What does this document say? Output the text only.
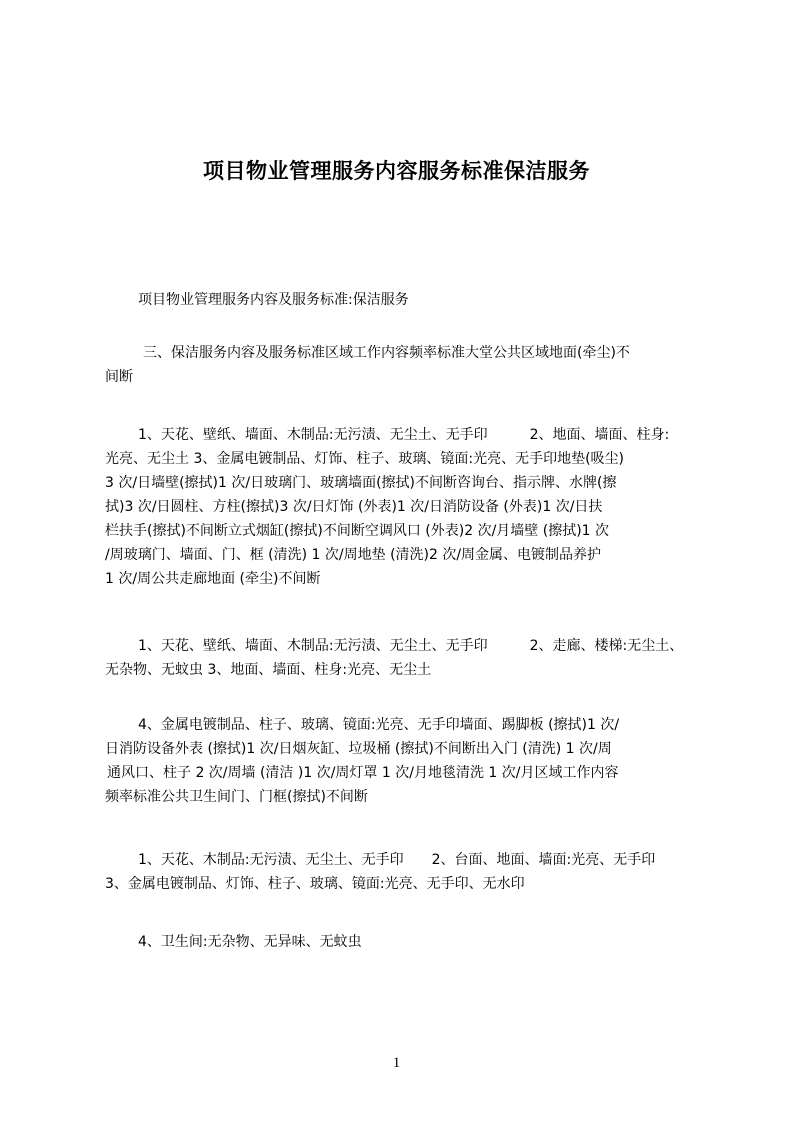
项目物业管理服务内容服务标准保洁服务
项目物业管理服务内容及服务标准:保洁服务
三、保洁服务内容及服务标准区域工作内容频率标准大堂公共区域地面(牵尘)不
间断
1、天花、壁纸、墙面、木制品:无污渍、无尘土、无手印　　　2、地面、墙面、柱身:
光亮、无尘土 3、金属电镀制品、灯饰、柱子、玻璃、镜面:光亮、无手印地垫(吸尘)
3 次/日墙壁(擦拭)1 次/日玻璃门、玻璃墙面(擦拭)不间断咨询台、指示牌、水牌(擦
拭)3 次/日圆柱、方柱(擦拭)3 次/日灯饰 (外表)1 次/日消防设备 (外表)1 次/日扶
栏扶手(擦拭)不间断立式烟缸(擦拭)不间断空调风口 (外表)2 次/月墙壁 (擦拭)1 次
/周玻璃门、墙面、门、框 (清洗) 1 次/周地垫 (清洗)2 次/周金属、电镀制品养护
1 次/周公共走廊地面 (牵尘)不间断
1、天花、壁纸、墙面、木制品:无污渍、无尘土、无手印　　　2、走廊、楼梯:无尘土、
无杂物、无蚊虫 3、地面、墙面、柱身:光亮、无尘土
4、金属电镀制品、柱子、玻璃、镜面:光亮、无手印墙面、踢脚板 (擦拭)1 次/
日消防设备外表 (擦拭)1 次/日烟灰缸、垃圾桶 (擦拭)不间断出入门 (清洗) 1 次/周
通风口、柱子 2 次/周墙 (清洁 )1 次/周灯罩 1 次/月地毯清洗 1 次/月区域工作内容
频率标准公共卫生间门、门框(擦拭)不间断
1、天花、木制品:无污渍、无尘土、无手印　　2、台面、地面、墙面:光亮、无手印
3、金属电镀制品、灯饰、柱子、玻璃、镜面:光亮、无手印、无水印
4、卫生间:无杂物、无异味、无蚊虫
1
